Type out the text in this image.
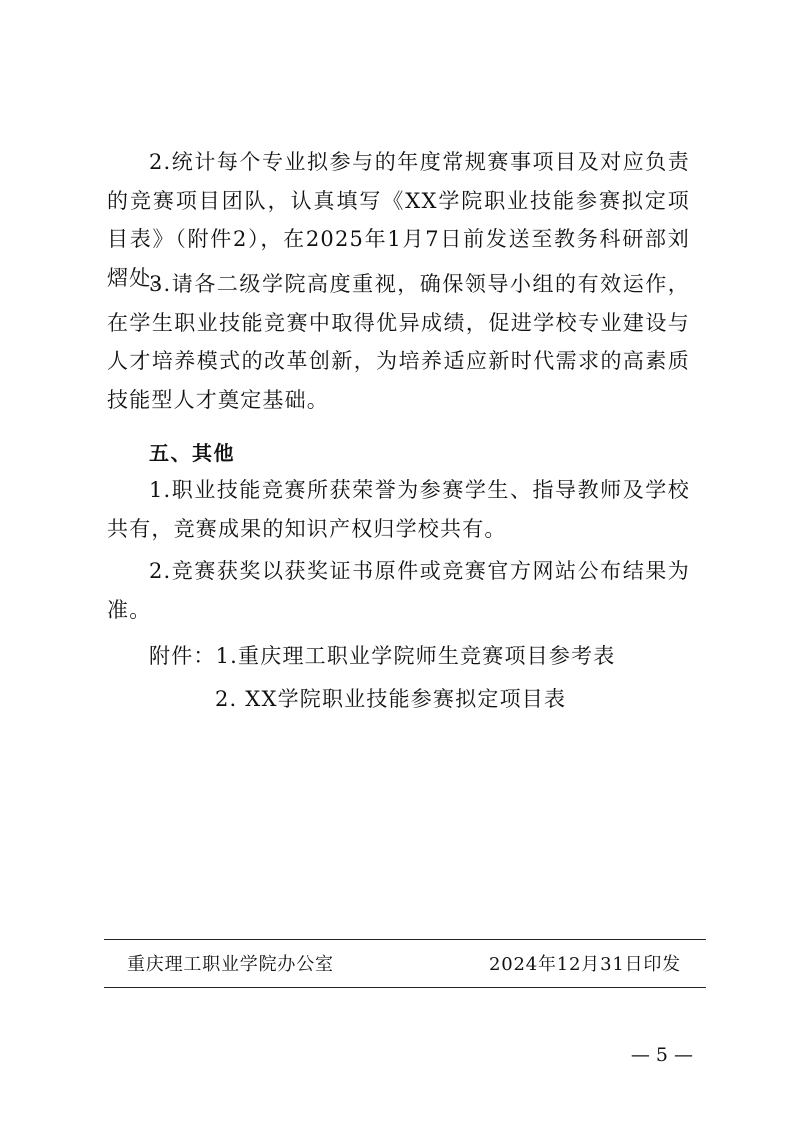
2.统计每个专业拟参与的年度常规赛事项目及对应负责的竞赛项目团队，认真填写《XX学院职业技能参赛拟定项目表》（附件2），在2025年1月7日前发送至教务科研部刘熠处。

3.请各二级学院高度重视，确保领导小组的有效运作，在学生职业技能竞赛中取得优异成绩，促进学校专业建设与人才培养模式的改革创新，为培养适应新时代需求的高素质技能型人才奠定基础。

五、其他

1.职业技能竞赛所获荣誉为参赛学生、指导教师及学校共有，竞赛成果的知识产权归学校共有。

2.竞赛获奖以获奖证书原件或竞赛官方网站公布结果为准。

附件：1.重庆理工职业学院师生竞赛项目参考表

2. XX学院职业技能参赛拟定项目表

重庆理工职业学院办公室	2024年12月31日印发

— 5 —
